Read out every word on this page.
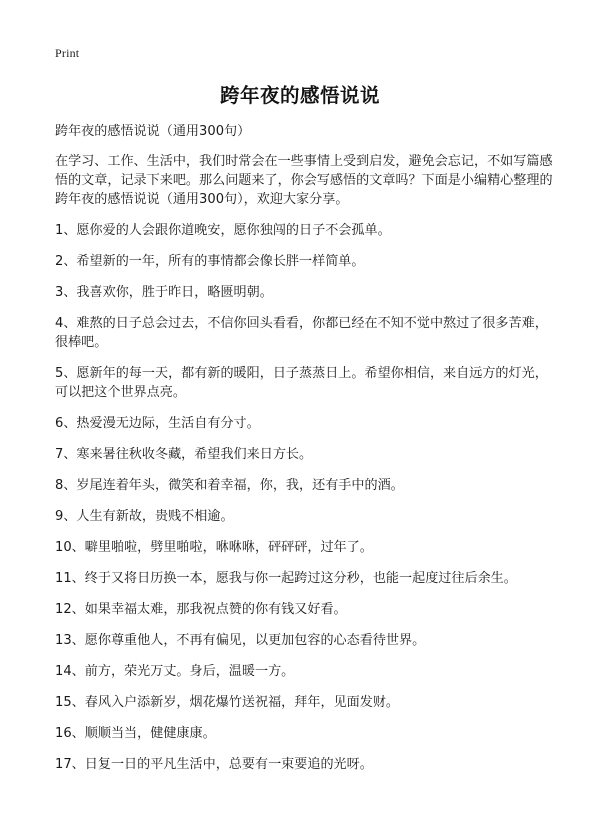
Print
跨年夜的感悟说说

跨年夜的感悟说说（通用300句）

在学习、工作、生活中，我们时常会在一些事情上受到启发，避免会忘记，不如写篇感悟的文章，记录下来吧。那么问题来了，你会写感悟的文章吗？下面是小编精心整理的跨年夜的感悟说说（通用300句），欢迎大家分享。

1、愿你爱的人会跟你道晚安，愿你独闯的日子不会孤单。
2、希望新的一年，所有的事情都会像长胖一样简单。
3、我喜欢你，胜于昨日，略匮明朝。
4、难熬的日子总会过去，不信你回头看看，你都已经在不知不觉中熬过了很多苦难，很棒吧。
5、愿新年的每一天，都有新的暖阳，日子蒸蒸日上。希望你相信，来自远方的灯光，可以把这个世界点亮。
6、热爱漫无边际，生活自有分寸。
7、寒来暑往秋收冬藏，希望我们来日方长。
8、岁尾连着年头，微笑和着幸福，你，我，还有手中的酒。
9、人生有新故，贵贱不相逾。
10、噼里啪啦，劈里啪啦，咻咻咻，砰砰砰，过年了。
11、终于又将日历换一本，愿我与你一起跨过这分秒，也能一起度过往后余生。
12、如果幸福太难，那我祝点赞的你有钱又好看。
13、愿你尊重他人，不再有偏见，以更加包容的心态看待世界。
14、前方，荣光万丈。身后，温暖一方。
15、春风入户添新岁，烟花爆竹送祝福，拜年，见面发财。
16、顺顺当当，健健康康。
17、日复一日的平凡生活中，总要有一束要追的光呀。
